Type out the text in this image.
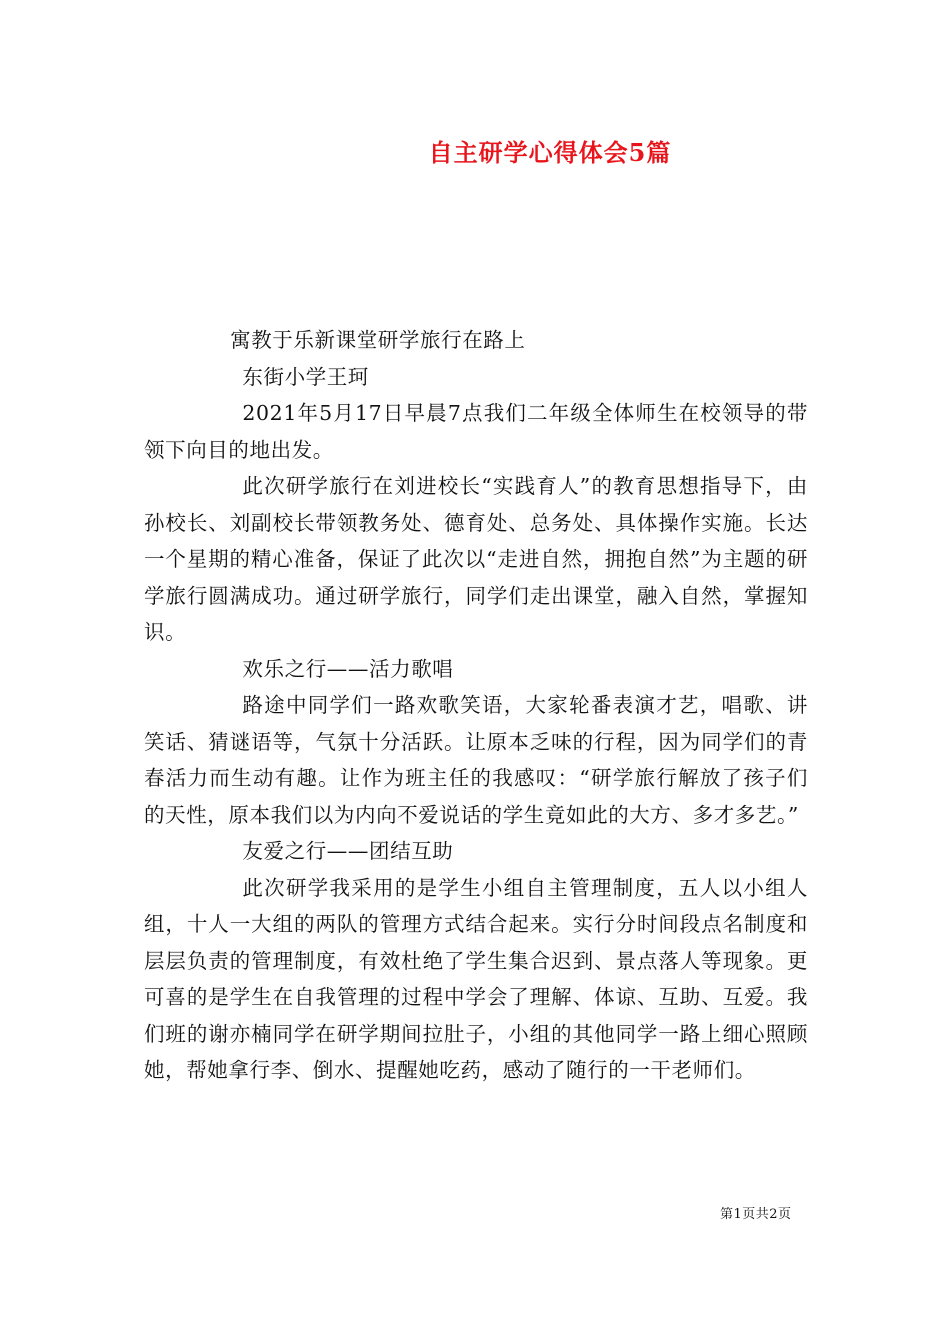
自主研学心得体会5篇

寓教于乐新课堂研学旅行在路上

东街小学王珂

2021年5月17日早晨7点我们二年级全体师生在校领导的带领下向目的地出发。

此次研学旅行在刘进校长“实践育人”的教育思想指导下，由孙校长、刘副校长带领教务处、德育处、总务处、具体操作实施。长达一个星期的精心准备，保证了此次以“走进自然，拥抱自然”为主题的研学旅行圆满成功。通过研学旅行，同学们走出课堂，融入自然，掌握知识。

欢乐之行——活力歌唱

路途中同学们一路欢歌笑语，大家轮番表演才艺，唱歌、讲笑话、猜谜语等，气氛十分活跃。让原本乏味的行程，因为同学们的青春活力而生动有趣。让作为班主任的我感叹：“研学旅行解放了孩子们的天性，原本我们以为内向不爱说话的学生竟如此的大方、多才多艺。”

友爱之行——团结互助

此次研学我采用的是学生小组自主管理制度，五人以小组人组，十人一大组的两队的管理方式结合起来。实行分时间段点名制度和层层负责的管理制度，有效杜绝了学生集合迟到、景点落人等现象。更可喜的是学生在自我管理的过程中学会了理解、体谅、互助、互爱。我们班的谢亦楠同学在研学期间拉肚子，小组的其他同学一路上细心照顾她，帮她拿行李、倒水、提醒她吃药，感动了随行的一干老师们。

第1页共2页
